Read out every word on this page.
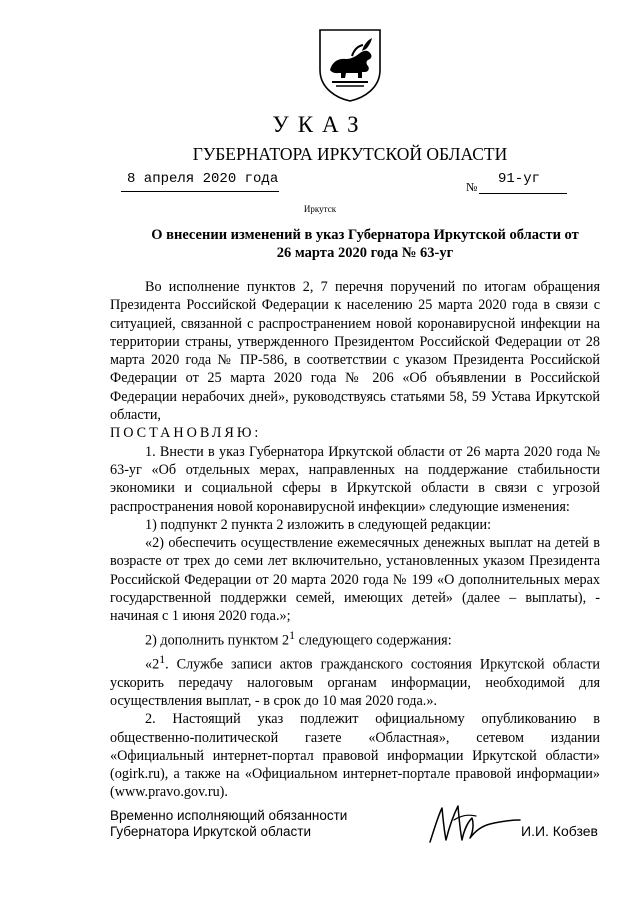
УКАЗ
ГУБЕРНАТОРА ИРКУТСКОЙ ОБЛАСТИ
8 апреля 2020 года	№ 91-уг
Иркутск
О внесении изменений в указ Губернатора Иркутской области от
26 марта 2020 года № 63-уг

Во исполнение пунктов 2, 7 перечня поручений по итогам обращения Президента Российской Федерации к населению 25 марта 2020 года в связи с ситуацией, связанной с распространением новой коронавирусной инфекции на территории страны, утвержденного Президентом Российской Федерации от 28 марта 2020 года № ПР-586, в соответствии с указом Президента Российской Федерации от 25 марта 2020 года № 206 «Об объявлении в Российской Федерации нерабочих дней», руководствуясь статьями 58, 59 Устава Иркутской области,

ПОСТАНОВЛЯЮ:

1. Внести в указ Губернатора Иркутской области от 26 марта 2020 года № 63-уг «Об отдельных мерах, направленных на поддержание стабильности экономики и социальной сферы в Иркутской области в связи с угрозой распространения новой коронавирусной инфекции» следующие изменения:

1) подпункт 2 пункта 2 изложить в следующей редакции:

«2) обеспечить осуществление ежемесячных денежных выплат на детей в возрасте от трех до семи лет включительно, установленных указом Президента Российской Федерации от 20 марта 2020 года № 199 «О дополнительных мерах государственной поддержки семей, имеющих детей» (далее – выплаты), - начиная с 1 июня 2020 года.»;

2) дополнить пунктом $2^1$ следующего содержания:

«$2^1$. Службе записи актов гражданского состояния Иркутской области ускорить передачу налоговым органам информации, необходимой для осуществления выплат, - в срок до 10 мая 2020 года.».

2. Настоящий указ подлежит официальному опубликованию в общественно-политической газете «Областная», сетевом издании «Официальный интернет-портал правовой информации Иркутской области» (ogirk.ru), а также на «Официальном интернет-портале правовой информации» (www.pravo.gov.ru).

Временно исполняющий обязанности
Губернатора Иркутской области	И.И. Кобзев
